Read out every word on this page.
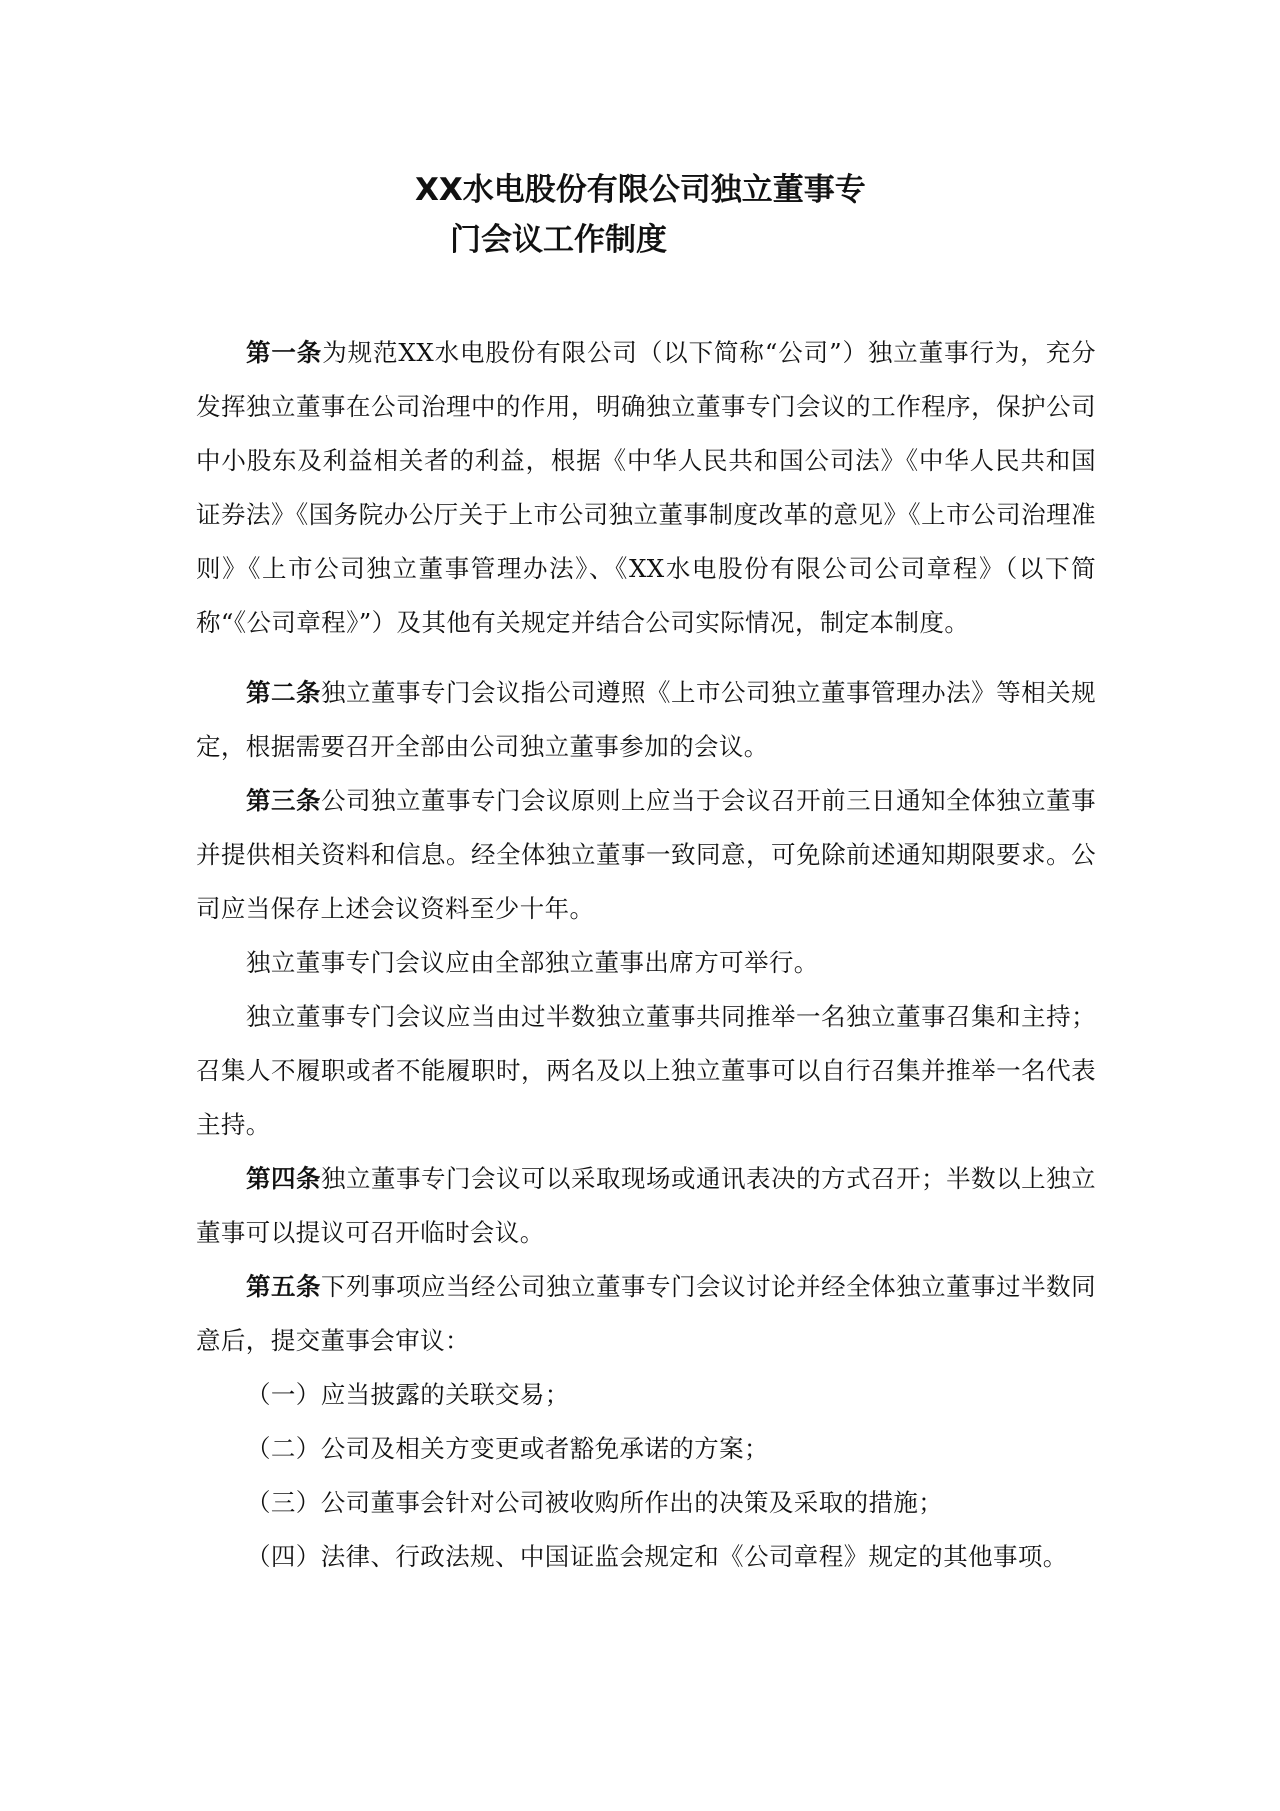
XX水电股份有限公司独立董事专
门会议工作制度

第一条为规范XX水电股份有限公司（以下简称“公司”）独立董事行为，充分发挥独立董事在公司治理中的作用，明确独立董事专门会议的工作程序，保护公司中小股东及利益相关者的利益，根据《中华人民共和国公司法》《中华人民共和国证券法》《国务院办公厅关于上市公司独立董事制度改革的意见》《上市公司治理准则》《上市公司独立董事管理办法》、《XX水电股份有限公司公司章程》（以下简称“《公司章程》”）及其他有关规定并结合公司实际情况，制定本制度。

第二条独立董事专门会议指公司遵照《上市公司独立董事管理办法》等相关规定，根据需要召开全部由公司独立董事参加的会议。

第三条公司独立董事专门会议原则上应当于会议召开前三日通知全体独立董事并提供相关资料和信息。经全体独立董事一致同意，可免除前述通知期限要求。公司应当保存上述会议资料至少十年。

独立董事专门会议应由全部独立董事出席方可举行。

独立董事专门会议应当由过半数独立董事共同推举一名独立董事召集和主持；召集人不履职或者不能履职时，两名及以上独立董事可以自行召集并推举一名代表主持。

第四条独立董事专门会议可以采取现场或通讯表决的方式召开；半数以上独立董事可以提议可召开临时会议。

第五条下列事项应当经公司独立董事专门会议讨论并经全体独立董事过半数同意后，提交董事会审议：

（一）应当披露的关联交易；

（二）公司及相关方变更或者豁免承诺的方案；

（三）公司董事会针对公司被收购所作出的决策及采取的措施；

（四）法律、行政法规、中国证监会规定和《公司章程》规定的其他事项。
